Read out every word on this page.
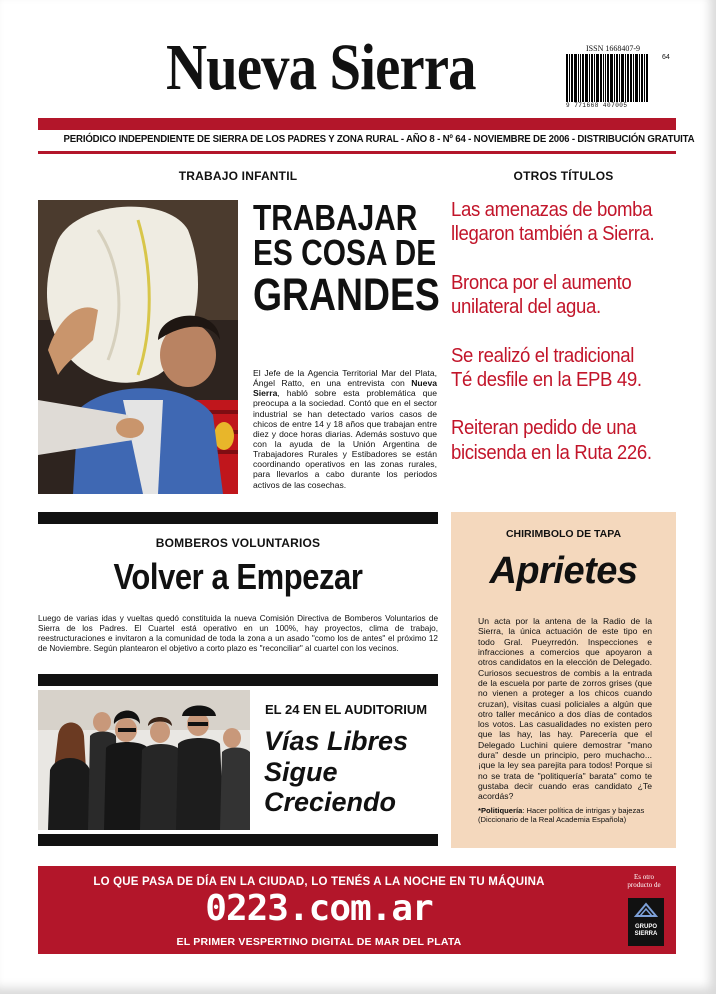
Nueva Sierra	ISSN 1668407-9
9 771668 407005
64
PERIÓDICO INDEPENDIENTE DE SIERRA DE LOS PADRES Y ZONA RURAL - AÑO 8 - Nº 64 - NOVIEMBRE DE 2006 - DISTRIBUCIÓN GRATUITA
TRABAJO INFANTIL	OTROS TÍTULOS
TRABAJAR
ES COSA DE
GRANDES
El Jefe de la Agencia Territorial Mar del Plata, Ángel Ratto, en una entrevista con Nueva Sierra, habló sobre esta problemática que preocupa a la sociedad. Contó que en el sector industrial se han detectado varios casos de chicos de entre 14 y 18 años que trabajan entre diez y doce horas diarias. Además sostuvo que con la ayuda de la Unión Argentina de Trabajadores Rurales y Estibadores se están coordinando operativos en las zonas rurales, para llevarlos a cabo durante los periodos activos de las cosechas.
Las amenazas de bomba
llegaron también a Sierra.
Bronca por el aumento
unilateral del agua.
Se realizó el tradicional
Té desfile en la EPB 49.
Reiteran pedido de una
bicisenda en la Ruta 226.
BOMBEROS VOLUNTARIOS
Volver a Empezar
Luego de varias idas y vueltas quedó constituida la nueva Comisión Directiva de Bomberos Voluntarios de Sierra de los Padres. El Cuartel está operativo en un 100%, hay proyectos, clima de trabajo, reestructuraciones e invitaron a la comunidad de toda la zona a un asado "como los de antes" el próximo 12 de Noviembre. Según plantearon el objetivo a corto plazo es "reconciliar" al cuartel con los vecinos.
EL 24 EN EL AUDITORIUM
Vías Libres
Sigue
Creciendo
CHIRIMBOLO DE TAPA
Aprietes
Un acta por la antena de la Radio de la Sierra, la única actuación de este tipo en todo Gral. Pueyrredón. Inspecciones e infracciones a comercios que apoyaron a otros candidatos en la elección de Delegado. Curiosos secuestros de combis a la entrada de la escuela por parte de zorros grises (que no vienen a proteger a los chicos cuando cruzan), visitas cuasi policiales a algún que otro taller mecánico a dos días de contados los votos. Las casualidades no existen pero que las hay, las hay. Parecería que el Delegado Luchini quiere demostrar "mano dura" desde un principio, pero muchacho...¡que la ley sea parejita para todos! Porque si no se trata de "politiquería" barata" como te gustaba decir cuando eras candidato ¿Te acordás?
*Politiquería: Hacer política de intrigas y bajezas (Diccionario de la Real Academia Española)
LO QUE PASA DE DÍA EN LA CIUDAD, LO TENÉS A LA NOCHE EN TU MÁQUINA
0223.com.ar
EL PRIMER VESPERTINO DIGITAL DE MAR DEL PLATA
Es otro
producto de
GRUPO
SIERRA
